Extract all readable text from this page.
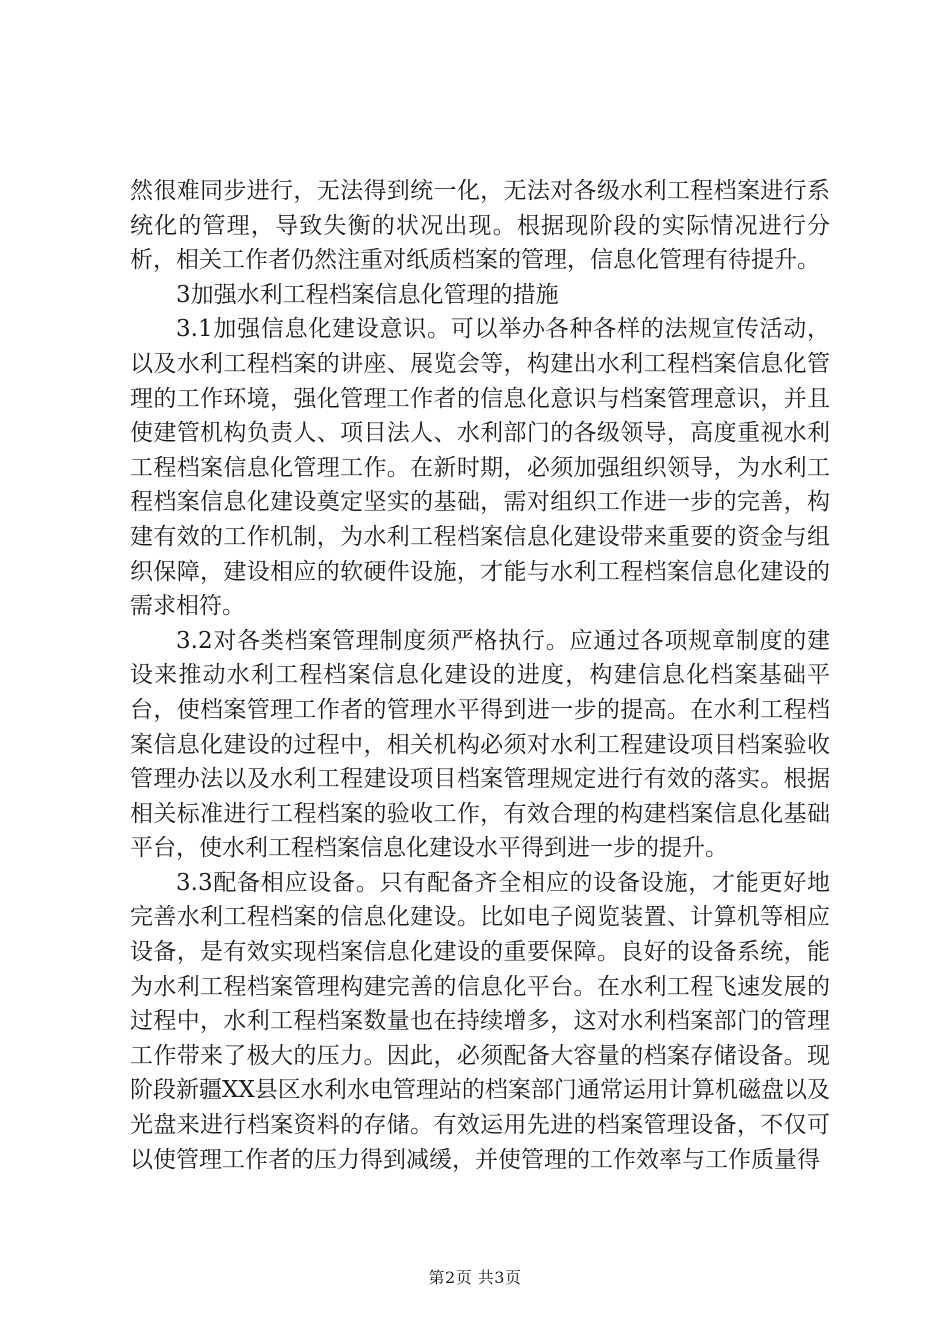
然很难同步进行，无法得到统一化，无法对各级水利工程档案进行系统化的管理，导致失衡的状况出现。根据现阶段的实际情况进行分析，相关工作者仍然注重对纸质档案的管理，信息化管理有待提升。

3加强水利工程档案信息化管理的措施

3.1加强信息化建设意识。可以举办各种各样的法规宣传活动，以及水利工程档案的讲座、展览会等，构建出水利工程档案信息化管理的工作环境，强化管理工作者的信息化意识与档案管理意识，并且使建管机构负责人、项目法人、水利部门的各级领导，高度重视水利工程档案信息化管理工作。在新时期，必须加强组织领导，为水利工程档案信息化建设奠定坚实的基础，需对组织工作进一步的完善，构建有效的工作机制，为水利工程档案信息化建设带来重要的资金与组织保障，建设相应的软硬件设施，才能与水利工程档案信息化建设的需求相符。

3.2对各类档案管理制度须严格执行。应通过各项规章制度的建设来推动水利工程档案信息化建设的进度，构建信息化档案基础平台，使档案管理工作者的管理水平得到进一步的提高。在水利工程档案信息化建设的过程中，相关机构必须对水利工程建设项目档案验收管理办法以及水利工程建设项目档案管理规定进行有效的落实。根据相关标准进行工程档案的验收工作，有效合理的构建档案信息化基础平台，使水利工程档案信息化建设水平得到进一步的提升。

3.3配备相应设备。只有配备齐全相应的设备设施，才能更好地完善水利工程档案的信息化建设。比如电子阅览装置、计算机等相应设备，是有效实现档案信息化建设的重要保障。良好的设备系统，能为水利工程档案管理构建完善的信息化平台。在水利工程飞速发展的过程中，水利工程档案数量也在持续增多，这对水利档案部门的管理工作带来了极大的压力。因此，必须配备大容量的档案存储设备。现阶段新疆XX县区水利水电管理站的档案部门通常运用计算机磁盘以及光盘来进行档案资料的存储。有效运用先进的档案管理设备，不仅可以使管理工作者的压力得到减缓，并使管理的工作效率与工作质量得

第2页 共3页
